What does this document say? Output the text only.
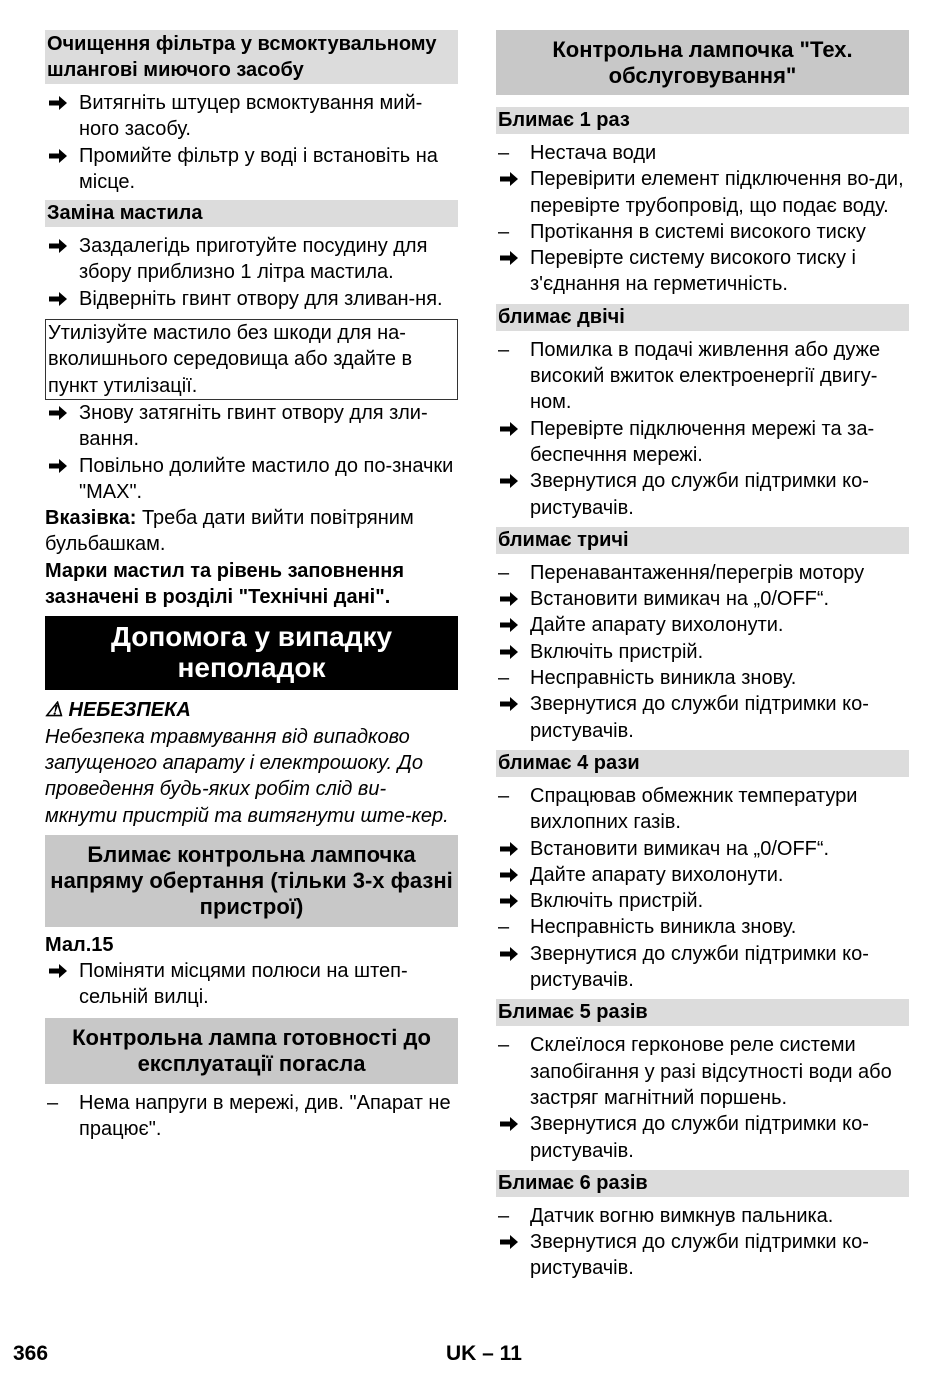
Очищення фільтра у всмоктувальному шлангові миючого засобу
Витягніть штуцер всмоктування мий-ного засобу.
Промийте фільтр у воді і встановіть на місце.
Заміна мастила
Заздалегідь приготуйте посудину для збору приблизно 1 літра мастила.
Відверніть гвинт отвору для зливан-ня.
Утилізуйте мастило без шкоди для на-вколишнього середовища або здайте в пункт утилізації.
Знову затягніть гвинт отвору для зли-вання.
Повільно долийте мастило до по-значки "MAX".
Вказівка: Треба дати вийти повітряним бульбашкам.
Марки мастил та рівень заповнення зазначені в розділі "Технічні дані".
Допомога у випадку неполадок
⚠ НЕБЕЗПЕКА
Небезпека травмування від випадково запущеного апарату і електрошоку. До проведення будь-яких робіт слід ви-мкнути пристрій та витягнути ште-кер.
Блимає контрольна лампочка напряму обертання (тільки 3-х фазні пристрої)
Мал.15
Поміняти місцями полюси на штеп-сельній вилці.
Контрольна лампа готовності до експлуатації погасла
–	Нема напруги в мережі, див. "Апарат не працює".
Контрольна лампочка "Тех. обслуговування"
Блимає 1 раз
–	Нестача води
Перевірити елемент підключення во-ди, перевірте трубопровід, що подає воду.
–	Протікання в системі високого тиску
Перевірте систему високого тиску і з'єднання на герметичність.
блимає двічі
–	Помилка в подачі живлення або дуже високий вжиток електроенергії двигу-ном.
Перевірте підключення мережі та за-беспечння мережі.
Звернутися до служби підтримки ко-ристувачів.
блимає тричі
–	Перенавантаження/перегрів мотору
Встановити вимикач на „0/OFF“.
Дайте апарату вихолонути.
Включіть пристрій.
–	Несправність виникла знову.
Звернутися до служби підтримки ко-ристувачів.
блимає 4 рази
–	Спрацював обмежник температури вихлопних газів.
Встановити вимикач на „0/OFF“.
Дайте апарату вихолонути.
Включіть пристрій.
–	Несправність виникла знову.
Звернутися до служби підтримки ко-ристувачів.
Блимає 5 разів
–	Склеїлося герконове реле системи запобігання у разі відсутності води або застряг магнітний поршень.
Звернутися до служби підтримки ко-ристувачів.
Блимає 6 разів
–	Датчик вогню вимкнув пальника.
Звернутися до служби підтримки ко-ристувачів.
366	UK – 11
